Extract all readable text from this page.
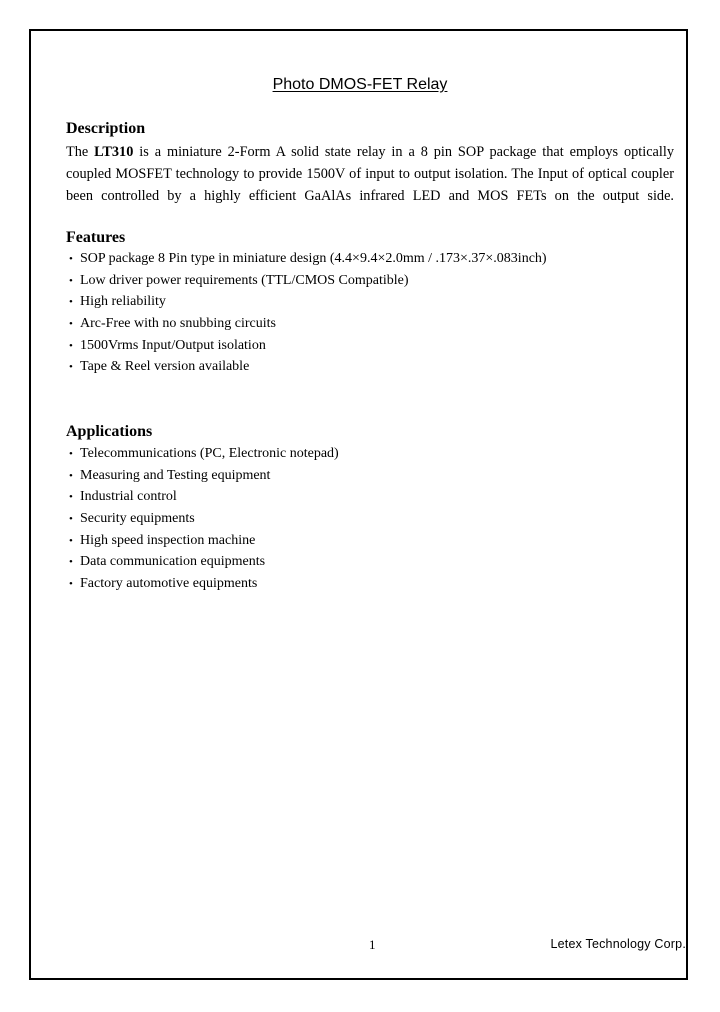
Photo DMOS-FET Relay
Description

The LT310 is a miniature 2-Form A solid state relay in a 8 pin SOP package that employs optically coupled MOSFET technology to provide 1500V of input to output isolation. The Input of optical coupler been controlled by a highly efficient GaAlAs infrared LED and MOS FETs on the output side.

Features
• SOP package 8 Pin type in miniature design (4.4×9.4×2.0mm / .173×.37×.083inch)
• Low driver power requirements (TTL/CMOS Compatible)
• High reliability
• Arc-Free with no snubbing circuits
• 1500Vrms Input/Output isolation
• Tape & Reel version available
Applications
• Telecommunications (PC, Electronic notepad)
• Measuring and Testing equipment
• Industrial control
• Security equipments
• High speed inspection machine
• Data communication equipments
• Factory automotive equipments
1	Letex Technology Corp.
